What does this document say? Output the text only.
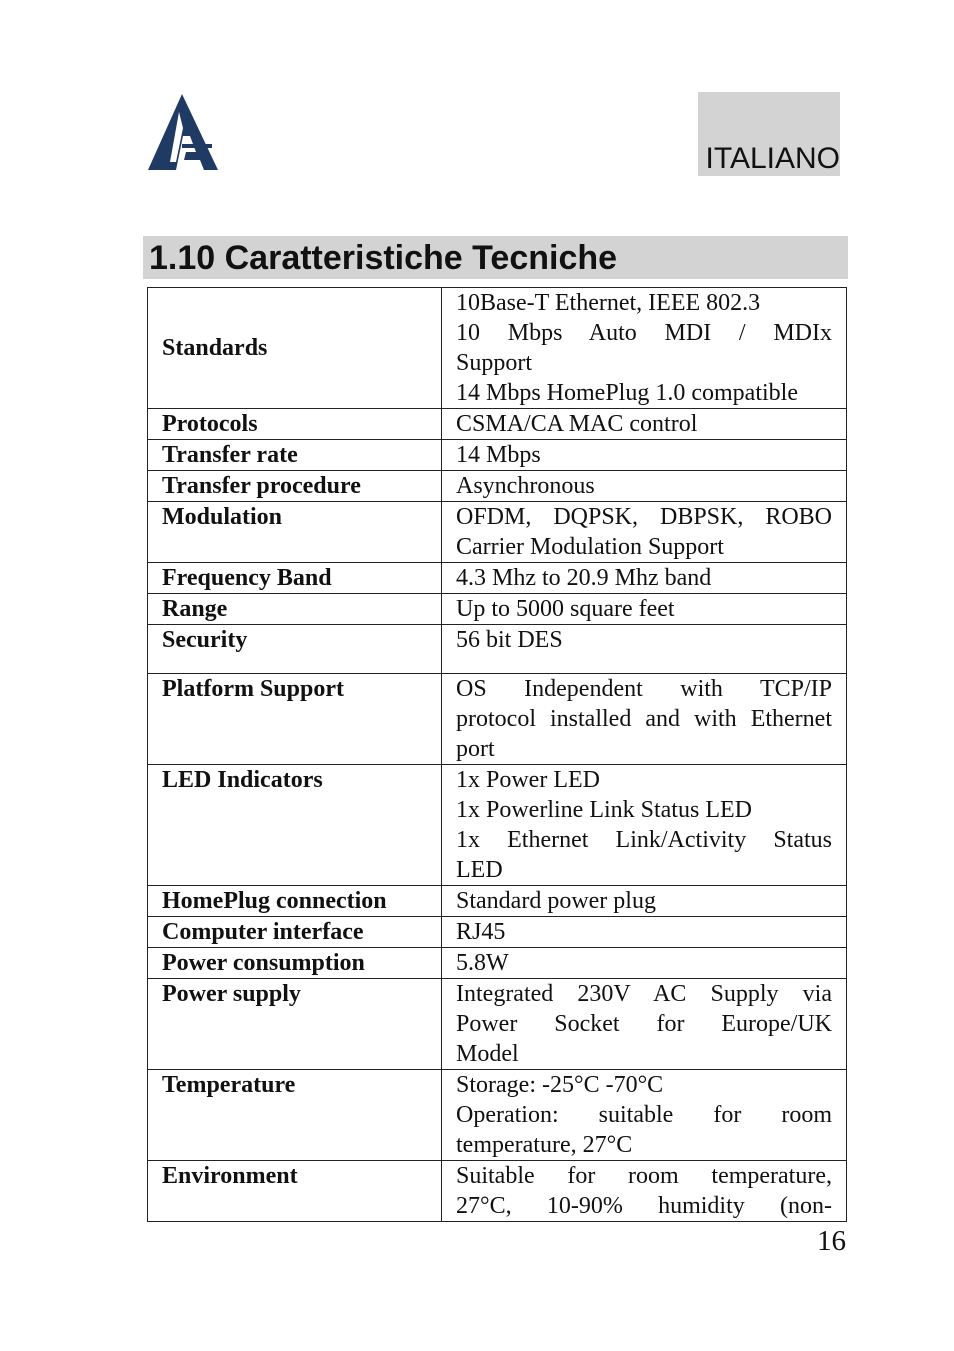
ITALIANO
1.10 Caratteristiche Tecniche
Standards	10Base-T Ethernet, IEEE 802.3
10 Mbps Auto MDI / MDIx
Support
14 Mbps HomePlug 1.0 compatible

Protocols	CSMA/CA MAC control

Transfer rate	14 Mbps

Transfer procedure	Asynchronous

Modulation	OFDM, DQPSK, DBPSK, ROBO
Carrier Modulation Support

Frequency Band	4.3 Mhz to 20.9 Mhz band

Range	Up to 5000 square feet

Security	56 bit DES

Platform Support	OS Independent with TCP/IP
protocol installed and with Ethernet
port

LED Indicators	1x Power LED
1x Powerline Link Status LED
1x Ethernet Link/Activity Status
LED

HomePlug connection	Standard power plug

Computer interface	RJ45

Power consumption	5.8W

Power supply	Integrated 230V AC Supply via
Power Socket for Europe/UK
Model

Temperature	Storage: -25°C -70°C
Operation: suitable for room
temperature, 27°C

Environment	Suitable for room temperature,
27°C, 10-90% humidity (non-
16
